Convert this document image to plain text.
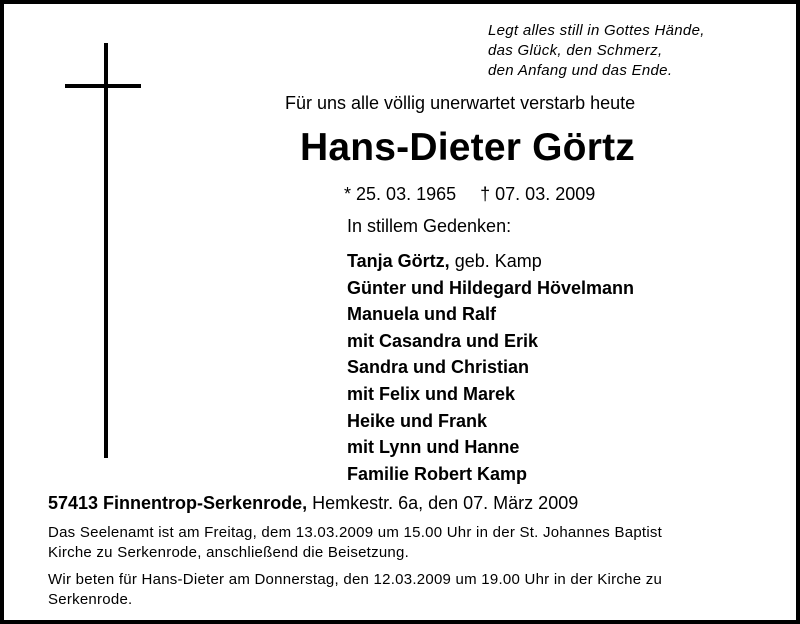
Legt alles still in Gottes Hände,
das Glück, den Schmerz,
den Anfang und das Ende.
Für uns alle völlig unerwartet verstarb heute
Hans-Dieter Görtz
* 25. 03. 1965 † 07. 03. 2009
In stillem Gedenken:
Tanja Görtz, geb. Kamp
Günter und Hildegard Hövelmann
Manuela und Ralf
mit Casandra und Erik
Sandra und Christian
mit Felix und Marek
Heike und Frank
mit Lynn und Hanne
Familie Robert Kamp
57413 Finnentrop-Serkenrode, Hemkestr. 6a, den 07. März 2009
Das Seelenamt ist am Freitag, dem 13.03.2009 um 15.00 Uhr in der St. Johannes Baptist
Kirche zu Serkenrode, anschließend die Beisetzung.
Wir beten für Hans-Dieter am Donnerstag, den 12.03.2009 um 19.00 Uhr in der Kirche zu
Serkenrode.
